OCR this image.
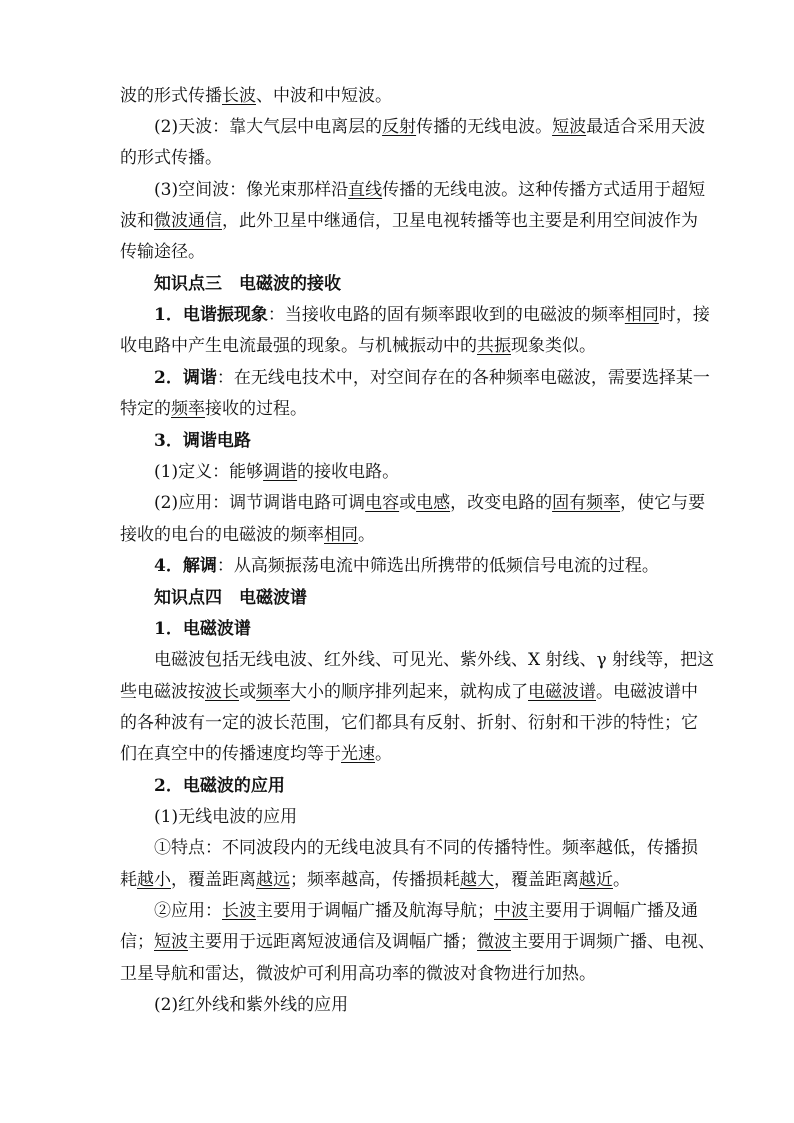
波的形式传播长波、中波和中短波。
(2)天波：靠大气层中电离层的反射传播的无线电波。短波最适合采用天波
的形式传播。
(3)空间波：像光束那样沿直线传播的无线电波。这种传播方式适用于超短
波和微波通信，此外卫星中继通信，卫星电视转播等也主要是利用空间波作为
传输途径。
知识点三　电磁波的接收
1．电谐振现象：当接收电路的固有频率跟收到的电磁波的频率相同时，接
收电路中产生电流最强的现象。与机械振动中的共振现象类似。
2．调谐：在无线电技术中，对空间存在的各种频率电磁波，需要选择某一
特定的频率接收的过程。
3．调谐电路
(1)定义：能够调谐的接收电路。
(2)应用：调节调谐电路可调电容或电感，改变电路的固有频率，使它与要
接收的电台的电磁波的频率相同。
4．解调：从高频振荡电流中筛选出所携带的低频信号电流的过程。
知识点四　电磁波谱
1．电磁波谱
电磁波包括无线电波、红外线、可见光、紫外线、X 射线、γ 射线等，把这
些电磁波按波长或频率大小的顺序排列起来，就构成了电磁波谱。电磁波谱中
的各种波有一定的波长范围，它们都具有反射、折射、衍射和干涉的特性；它
们在真空中的传播速度均等于光速。
2．电磁波的应用
(1)无线电波的应用
①特点：不同波段内的无线电波具有不同的传播特性。频率越低，传播损
耗越小，覆盖距离越远；频率越高，传播损耗越大，覆盖距离越近。
②应用：长波主要用于调幅广播及航海导航；中波主要用于调幅广播及通
信；短波主要用于远距离短波通信及调幅广播；微波主要用于调频广播、电视、
卫星导航和雷达，微波炉可利用高功率的微波对食物进行加热。
(2)红外线和紫外线的应用
